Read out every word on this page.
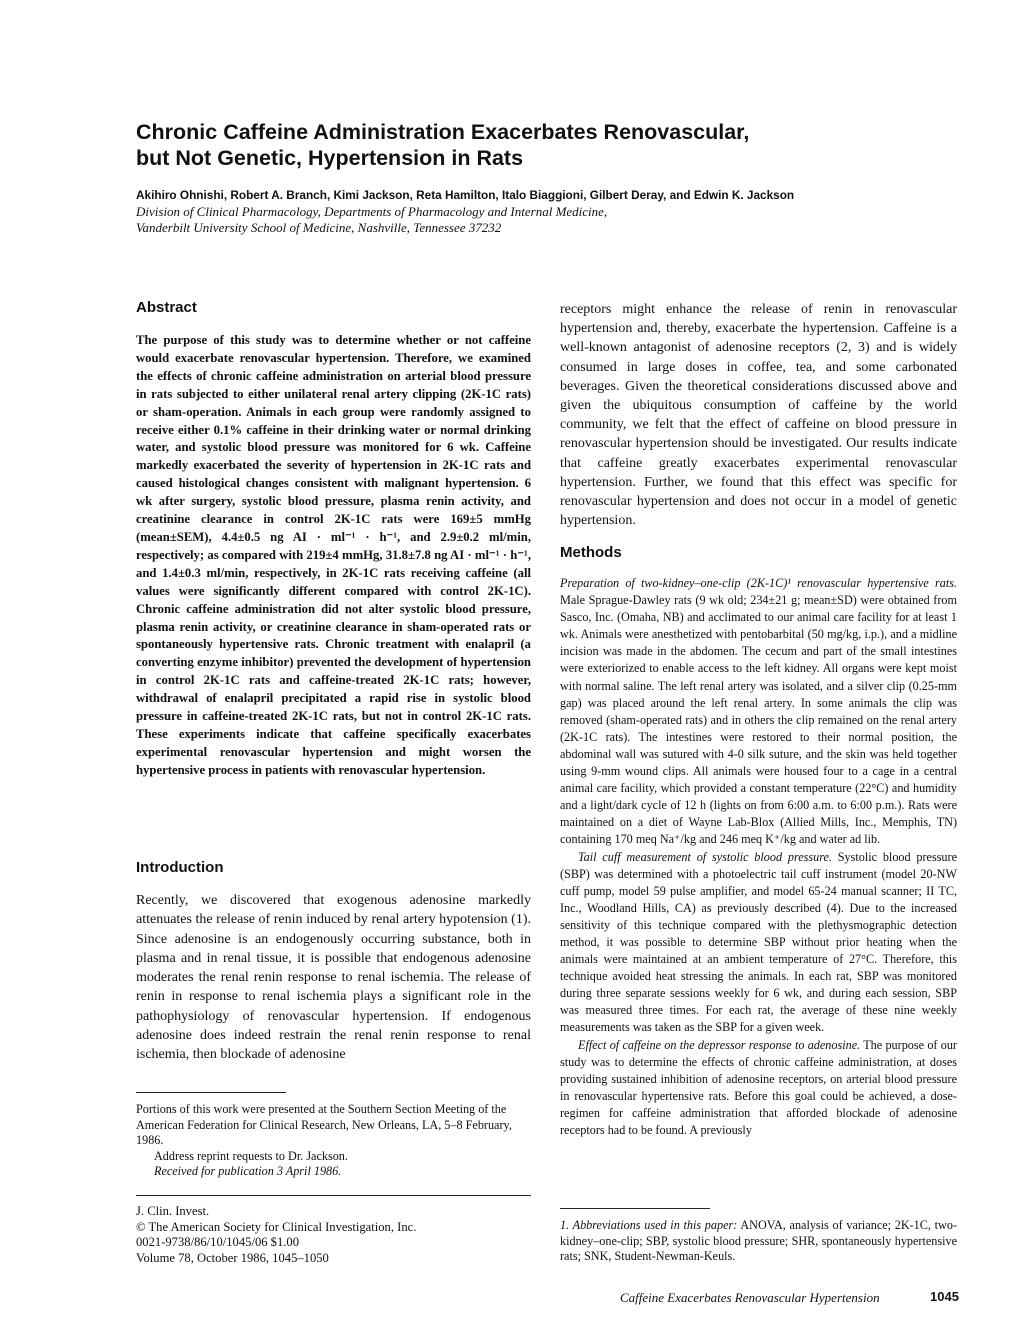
Chronic Caffeine Administration Exacerbates Renovascular,
but Not Genetic, Hypertension in Rats
Akihiro Ohnishi, Robert A. Branch, Kimi Jackson, Reta Hamilton, Italo Biaggioni, Gilbert Deray, and Edwin K. Jackson
Division of Clinical Pharmacology, Departments of Pharmacology and Internal Medicine,
Vanderbilt University School of Medicine, Nashville, Tennessee 37232
Abstract

The purpose of this study was to determine whether or not caffeine would exacerbate renovascular hypertension. Therefore, we examined the effects of chronic caffeine administration on arterial blood pressure in rats subjected to either unilateral renal artery clipping (2K-1C rats) or sham-operation. Animals in each group were randomly assigned to receive either 0.1% caffeine in their drinking water or normal drinking water, and systolic blood pressure was monitored for 6 wk. Caffeine markedly exacerbated the severity of hypertension in 2K-1C rats and caused histological changes consistent with malignant hypertension. 6 wk after surgery, systolic blood pressure, plasma renin activity, and creatinine clearance in control 2K-1C rats were 169±5 mmHg (mean±SEM), 4.4±0.5 ng AI · ml⁻¹ · h⁻¹, and 2.9±0.2 ml/min, respectively; as compared with 219±4 mmHg, 31.8±7.8 ng AI · ml⁻¹ · h⁻¹, and 1.4±0.3 ml/min, respectively, in 2K-1C rats receiving caffeine (all values were significantly different compared with control 2K-1C). Chronic caffeine administration did not alter systolic blood pressure, plasma renin activity, or creatinine clearance in sham-operated rats or spontaneously hypertensive rats. Chronic treatment with enalapril (a converting enzyme inhibitor) prevented the development of hypertension in control 2K-1C rats and caffeine-treated 2K-1C rats; however, withdrawal of enalapril precipitated a rapid rise in systolic blood pressure in caffeine-treated 2K-1C rats, but not in control 2K-1C rats. These experiments indicate that caffeine specifically exacerbates experimental renovascular hypertension and might worsen the hypertensive process in patients with renovascular hypertension.

Introduction

Recently, we discovered that exogenous adenosine markedly attenuates the release of renin induced by renal artery hypotension (1). Since adenosine is an endogenously occurring substance, both in plasma and in renal tissue, it is possible that endogenous adenosine moderates the renal renin response to renal ischemia. The release of renin in response to renal ischemia plays a significant role in the pathophysiology of renovascular hypertension. If endogenous adenosine does indeed restrain the renal renin response to renal ischemia, then blockade of adenosine

Portions of this work were presented at the Southern Section Meeting of the American Federation for Clinical Research, New Orleans, LA, 5–8 February, 1986.

Address reprint requests to Dr. Jackson.

Received for publication 3 April 1986.

J. Clin. Invest.

© The American Society for Clinical Investigation, Inc.

0021-9738/86/10/1045/06 $1.00

Volume 78, October 1986, 1045–1050

receptors might enhance the release of renin in renovascular hypertension and, thereby, exacerbate the hypertension. Caffeine is a well-known antagonist of adenosine receptors (2, 3) and is widely consumed in large doses in coffee, tea, and some carbonated beverages. Given the theoretical considerations discussed above and given the ubiquitous consumption of caffeine by the world community, we felt that the effect of caffeine on blood pressure in renovascular hypertension should be investigated. Our results indicate that caffeine greatly exacerbates experimental renovascular hypertension. Further, we found that this effect was specific for renovascular hypertension and does not occur in a model of genetic hypertension.

Methods

Preparation of two-kidney–one-clip (2K-1C)¹ renovascular hypertensive rats. Male Sprague-Dawley rats (9 wk old; 234±21 g; mean±SD) were obtained from Sasco, Inc. (Omaha, NB) and acclimated to our animal care facility for at least 1 wk. Animals were anesthetized with pentobarbital (50 mg/kg, i.p.), and a midline incision was made in the abdomen. The cecum and part of the small intestines were exteriorized to enable access to the left kidney. All organs were kept moist with normal saline. The left renal artery was isolated, and a silver clip (0.25-mm gap) was placed around the left renal artery. In some animals the clip was removed (sham-operated rats) and in others the clip remained on the renal artery (2K-1C rats). The intestines were restored to their normal position, the abdominal wall was sutured with 4-0 silk suture, and the skin was held together using 9-mm wound clips. All animals were housed four to a cage in a central animal care facility, which provided a constant temperature (22°C) and humidity and a light/dark cycle of 12 h (lights on from 6:00 a.m. to 6:00 p.m.). Rats were maintained on a diet of Wayne Lab-Blox (Allied Mills, Inc., Memphis, TN) containing 170 meq Na⁺/kg and 246 meq K⁺/kg and water ad lib.

Tail cuff measurement of systolic blood pressure. Systolic blood pressure (SBP) was determined with a photoelectric tail cuff instrument (model 20-NW cuff pump, model 59 pulse amplifier, and model 65-24 manual scanner; II TC, Inc., Woodland Hills, CA) as previously described (4). Due to the increased sensitivity of this technique compared with the plethysmographic detection method, it was possible to determine SBP without prior heating when the animals were maintained at an ambient temperature of 27°C. Therefore, this technique avoided heat stressing the animals. In each rat, SBP was monitored during three separate sessions weekly for 6 wk, and during each session, SBP was measured three times. For each rat, the average of these nine weekly measurements was taken as the SBP for a given week.

Effect of caffeine on the depressor response to adenosine. The purpose of our study was to determine the effects of chronic caffeine administration, at doses providing sustained inhibition of adenosine receptors, on arterial blood pressure in renovascular hypertensive rats. Before this goal could be achieved, a dose-regimen for caffeine administration that afforded blockade of adenosine receptors had to be found. A previously

1. Abbreviations used in this paper: ANOVA, analysis of variance; 2K-1C, two-kidney–one-clip; SBP, systolic blood pressure; SHR, spontaneously hypertensive rats; SNK, Student-Newman-Keuls.

Caffeine Exacerbates Renovascular Hypertension	1045
